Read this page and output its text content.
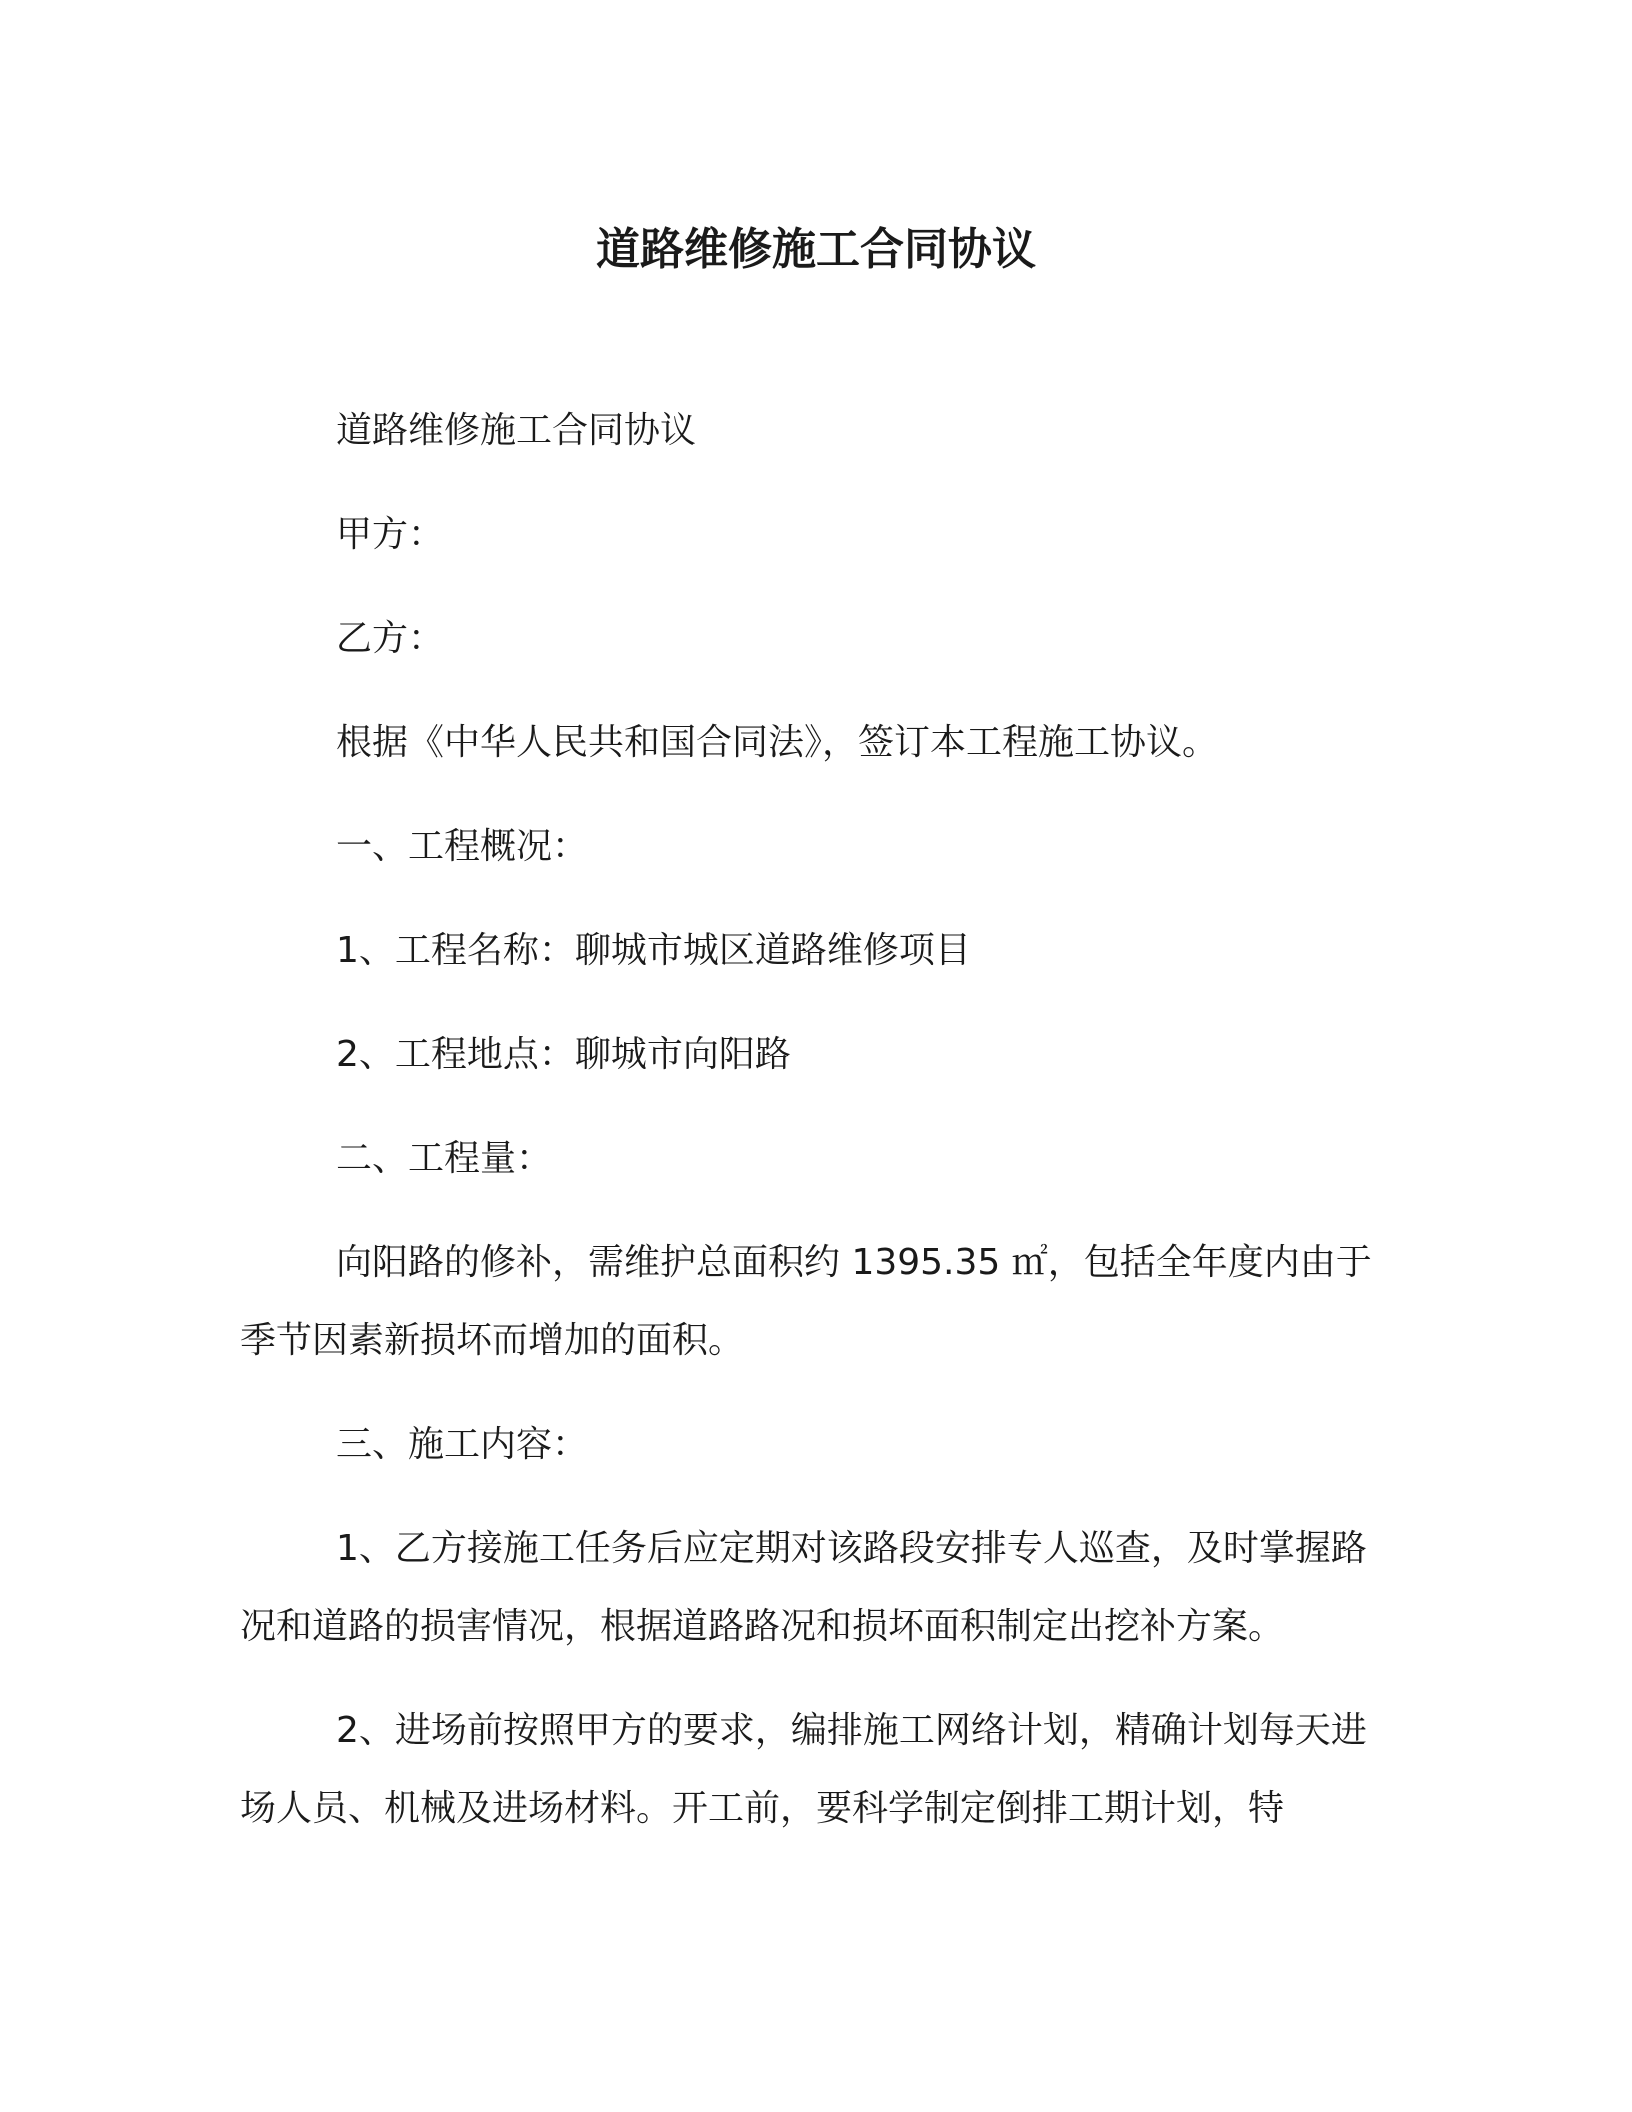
道路维修施工合同协议

道路维修施工合同协议

甲方：

乙方：

根据《中华人民共和国合同法》，签订本工程施工协议。

一、工程概况：

1、工程名称：聊城市城区道路维修项目

2、工程地点：聊城市向阳路

二、工程量：

向阳路的修补，需维护总面积约 1395.35 ㎡，包括全年度内由于季节因素新损坏而增加的面积。

三、施工内容：

1、乙方接施工任务后应定期对该路段安排专人巡查，及时掌握路况和道路的损害情况，根据道路路况和损坏面积制定出挖补方案。

2、进场前按照甲方的要求，编排施工网络计划，精确计划每天进场人员、机械及进场材料。开工前，要科学制定倒排工期计划，特
